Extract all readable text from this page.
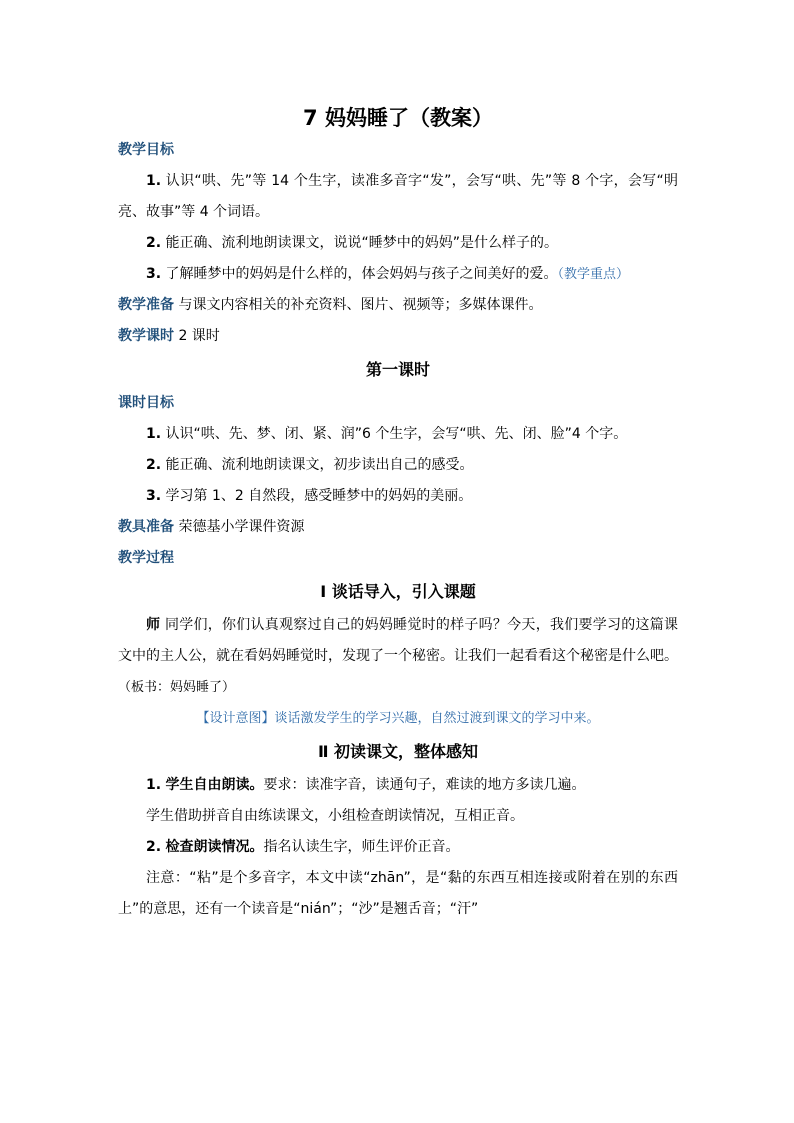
7 妈妈睡了（教案）

教学目标

1. 认识“哄、先”等 14 个生字，读准多音字“发”，会写“哄、先”等 8 个字，会写“明亮、故事”等 4 个词语。

2. 能正确、流利地朗读课文，说说“睡梦中的妈妈”是什么样子的。

3. 了解睡梦中的妈妈是什么样的，体会妈妈与孩子之间美好的爱。（教学重点）

教学准备 与课文内容相关的补充资料、图片、视频等；多媒体课件。

教学课时 2 课时

第一课时

课时目标

1. 认识“哄、先、梦、闭、紧、润”6 个生字，会写“哄、先、闭、脸”4 个字。

2. 能正确、流利地朗读课文，初步读出自己的感受。

3. 学习第 1、2 自然段，感受睡梦中的妈妈的美丽。

教具准备 荣德基小学课件资源

教学过程

Ⅰ 谈话导入，引入课题

师 同学们，你们认真观察过自己的妈妈睡觉时的样子吗？今天，我们要学习的这篇课文中的主人公，就在看妈妈睡觉时，发现了一个秘密。让我们一起看看这个秘密是什么吧。（板书：妈妈睡了）

【设计意图】谈话激发学生的学习兴趣，自然过渡到课文的学习中来。

Ⅱ 初读课文，整体感知

1. 学生自由朗读。要求：读准字音，读通句子，难读的地方多读几遍。

学生借助拼音自由练读课文，小组检查朗读情况，互相正音。

2. 检查朗读情况。指名认读生字，师生评价正音。

注意：“粘”是个多音字，本文中读“zhān”，是“黏的东西互相连接或附着在别的东西上”的意思，还有一个读音是“nián”；“沙”是翘舌音；“汗”
